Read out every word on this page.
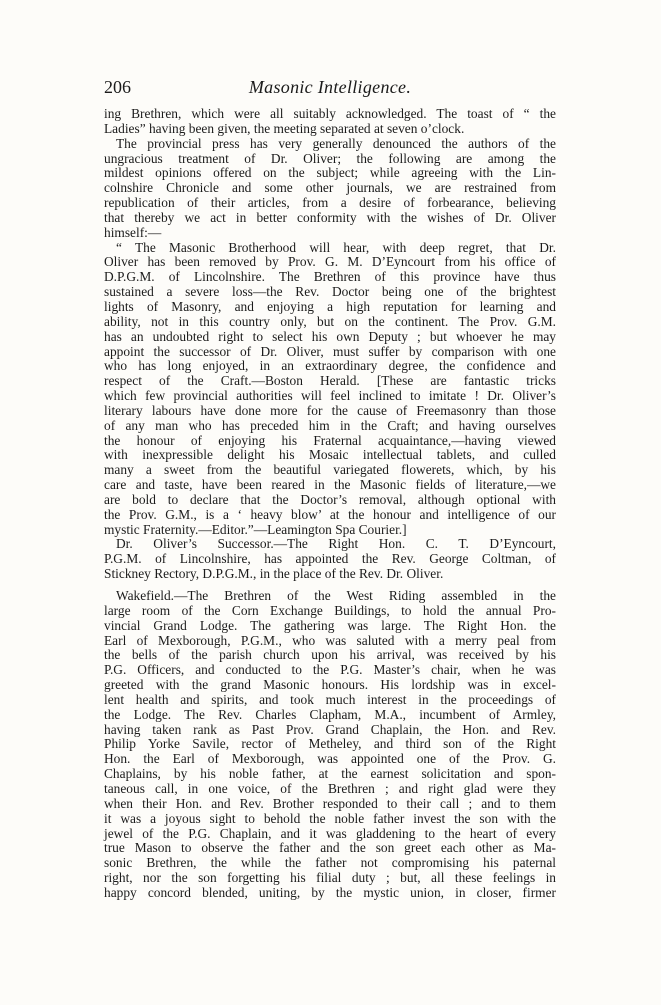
206	Masonic Intelligence.
ing Brethren, which were all suitably acknowledged. The toast of “ the
Ladies” having been given, the meeting separated at seven o’clock.
The provincial press has very generally denounced the authors of the
ungracious treatment of Dr. Oliver; the following are among the
mildest opinions offered on the subject; while agreeing with the Lin-
colnshire Chronicle and some other journals, we are restrained from
republication of their articles, from a desire of forbearance, believing
that thereby we act in better conformity with the wishes of Dr. Oliver
himself:—
“ The Masonic Brotherhood will hear, with deep regret, that Dr.
Oliver has been removed by Prov. G. M. D’Eyncourt from his office of
D.P.G.M. of Lincolnshire. The Brethren of this province have thus
sustained a severe loss—the Rev. Doctor being one of the brightest
lights of Masonry, and enjoying a high reputation for learning and
ability, not in this country only, but on the continent. The Prov. G.M.
has an undoubted right to select his own Deputy ; but whoever he may
appoint the successor of Dr. Oliver, must suffer by comparison with one
who has long enjoyed, in an extraordinary degree, the confidence and
respect of the Craft.—Boston Herald. [These are fantastic tricks
which few provincial authorities will feel inclined to imitate ! Dr. Oliver’s
literary labours have done more for the cause of Freemasonry than those
of any man who has preceded him in the Craft; and having ourselves
the honour of enjoying his Fraternal acquaintance,—having viewed
with inexpressible delight his Mosaic intellectual tablets, and culled
many a sweet from the beautiful variegated flowerets, which, by his
care and taste, have been reared in the Masonic fields of literature,—we
are bold to declare that the Doctor’s removal, although optional with
the Prov. G.M., is a ‘ heavy blow’ at the honour and intelligence of our
mystic Fraternity.—Editor.”—Leamington Spa Courier.]
Dr. Oliver’s Successor.—The Right Hon. C. T. D’Eyncourt,
P.G.M. of Lincolnshire, has appointed the Rev. George Coltman, of
Stickney Rectory, D.P.G.M., in the place of the Rev. Dr. Oliver.
Wakefield.—The Brethren of the West Riding assembled in the
large room of the Corn Exchange Buildings, to hold the annual Pro-
vincial Grand Lodge. The gathering was large. The Right Hon. the
Earl of Mexborough, P.G.M., who was saluted with a merry peal from
the bells of the parish church upon his arrival, was received by his
P.G. Officers, and conducted to the P.G. Master’s chair, when he was
greeted with the grand Masonic honours. His lordship was in excel-
lent health and spirits, and took much interest in the proceedings of
the Lodge. The Rev. Charles Clapham, M.A., incumbent of Armley,
having taken rank as Past Prov. Grand Chaplain, the Hon. and Rev.
Philip Yorke Savile, rector of Metheley, and third son of the Right
Hon. the Earl of Mexborough, was appointed one of the Prov. G.
Chaplains, by his noble father, at the earnest solicitation and spon-
taneous call, in one voice, of the Brethren ; and right glad were they
when their Hon. and Rev. Brother responded to their call ; and to them
it was a joyous sight to behold the noble father invest the son with the
jewel of the P.G. Chaplain, and it was gladdening to the heart of every
true Mason to observe the father and the son greet each other as Ma-
sonic Brethren, the while the father not compromising his paternal
right, nor the son forgetting his filial duty ; but, all these feelings in
happy concord blended, uniting, by the mystic union, in closer, firmer
